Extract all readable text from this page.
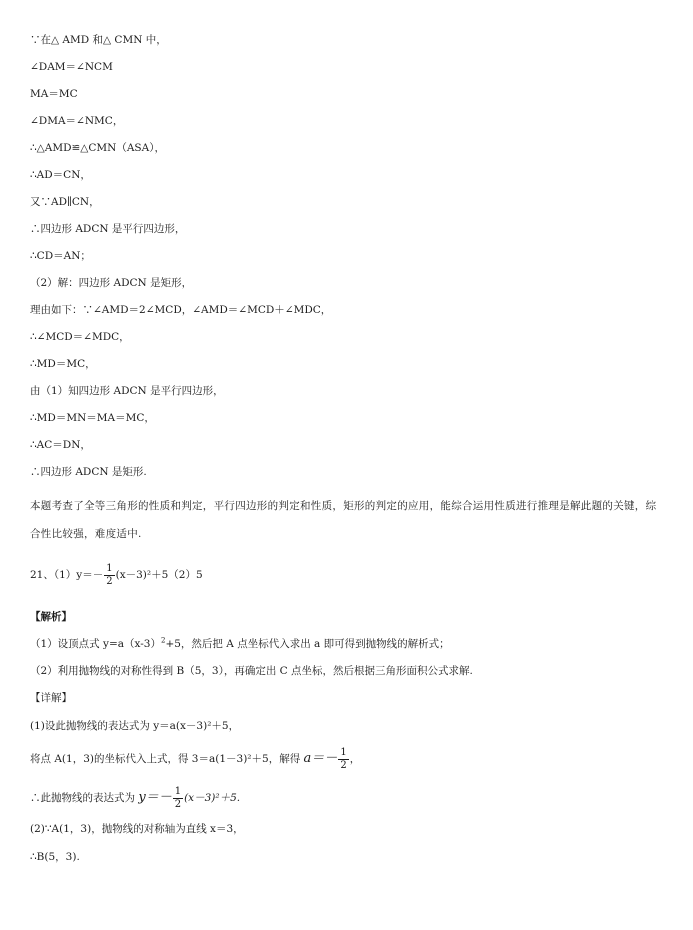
∵在△ AMD 和△ CMN 中，
∠DAM＝∠NCM
MA＝MC
∠DMA＝∠NMC，
∴△AMD≌△CMN（ASA），
∴AD＝CN，
又∵AD∥CN，
∴四边形 ADCN 是平行四边形，
∴CD＝AN；
（2）解：四边形 ADCN 是矩形，
理由如下：∵∠AMD＝2∠MCD，∠AMD＝∠MCD＋∠MDC，
∴∠MCD＝∠MDC，
∴MD＝MC，
由（1）知四边形 ADCN 是平行四边形，
∴MD＝MN＝MA＝MC，
∴AC＝DN，
∴四边形 ADCN 是矩形.
本题考查了全等三角形的性质和判定，平行四边形的判定和性质，矩形的判定的应用，能综合运用性质进行推理是解此题的关键，综合性比较强，难度适中.
21、$(1)y=- \frac{1}{2} (x-3)^2+5(2)5$
【解析】
（1）设顶点式 $y=a(x-3)^2+5$，然后把 A 点坐标代入求出 a 即可得到抛物线的解析式；
（2）利用抛物线的对称性得到 B（5，3），再确定出 C 点坐标，然后根据三角形面积公式求解.
【详解】
(1)设此抛物线的表达式为 y＝a(x－3)²＋5，
将点 A(1，3)的坐标代入上式，得 3＝a(1－3)²＋5，解得 $a=- \frac{1}{2}$ ，
∴此抛物线的表达式为 $y=- \frac{1}{2} (x-3)^2+5$.
(2)∵A(1，3)，抛物线的对称轴为直线 x＝3，
∴B(5，3).
